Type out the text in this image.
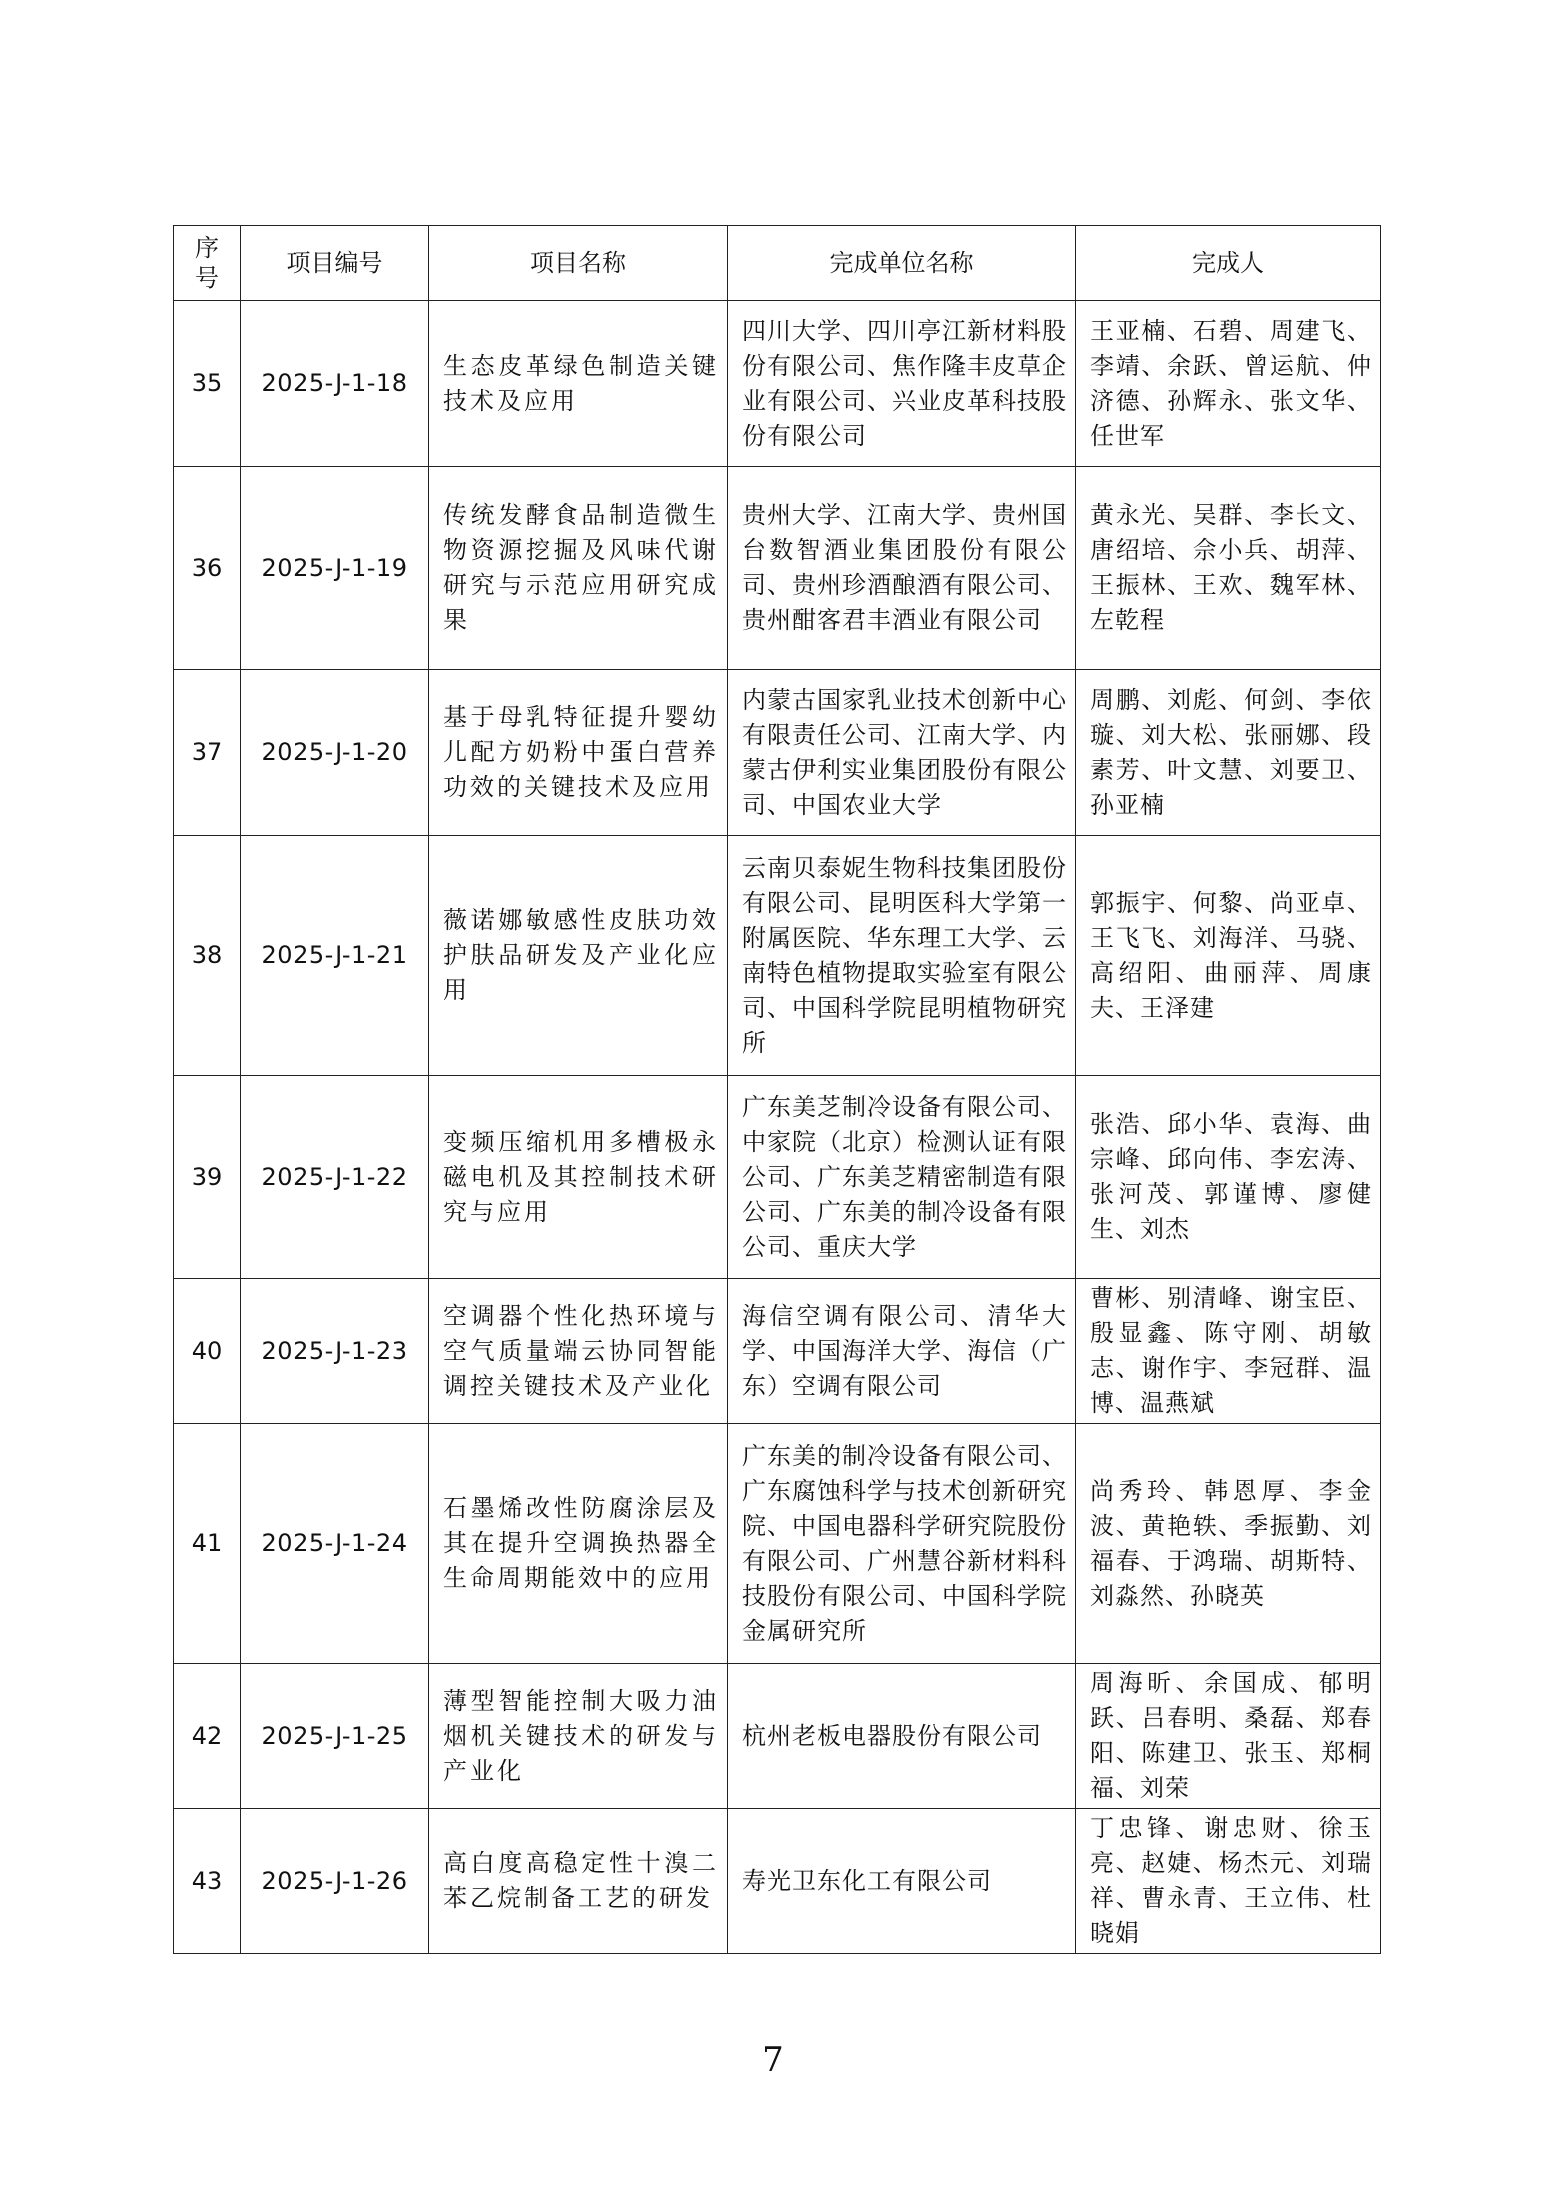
序号	项目编号	项目名称	完成单位名称	完成人
35	2025-J-1-18	生态皮革绿色制造关键技术及应用	四川大学、四川亭江新材料股份有限公司、焦作隆丰皮草企业有限公司、兴业皮革科技股份有限公司	王亚楠、石碧、周建飞、李靖、余跃、曾运航、仲济德、孙辉永、张文华、任世军
36	2025-J-1-19	传统发酵食品制造微生物资源挖掘及风味代谢研究与示范应用研究成果	贵州大学、江南大学、贵州国台数智酒业集团股份有限公司、贵州珍酒酿酒有限公司、贵州酣客君丰酒业有限公司	黄永光、吴群、李长文、唐绍培、佘小兵、胡萍、王振林、王欢、魏军林、左乾程
37	2025-J-1-20	基于母乳特征提升婴幼儿配方奶粉中蛋白营养功效的关键技术及应用	内蒙古国家乳业技术创新中心有限责任公司、江南大学、内蒙古伊利实业集团股份有限公司、中国农业大学	周鹏、刘彪、何剑、李依璇、刘大松、张丽娜、段素芳、叶文慧、刘要卫、孙亚楠
38	2025-J-1-21	薇诺娜敏感性皮肤功效护肤品研发及产业化应用	云南贝泰妮生物科技集团股份有限公司、昆明医科大学第一附属医院、华东理工大学、云南特色植物提取实验室有限公司、中国科学院昆明植物研究所	郭振宇、何黎、尚亚卓、王飞飞、刘海洋、马骁、高绍阳、曲丽萍、周康夫、王泽建
39	2025-J-1-22	变频压缩机用多槽极永磁电机及其控制技术研究与应用	广东美芝制冷设备有限公司、中家院（北京）检测认证有限公司、广东美芝精密制造有限公司、广东美的制冷设备有限公司、重庆大学	张浩、邱小华、袁海、曲宗峰、邱向伟、李宏涛、张河茂、郭谨博、廖健生、刘杰
40	2025-J-1-23	空调器个性化热环境与空气质量端云协同智能调控关键技术及产业化	海信空调有限公司、清华大学、中国海洋大学、海信（广东）空调有限公司	曹彬、别清峰、谢宝臣、殷显鑫、陈守刚、胡敏志、谢作宇、李冠群、温博、温燕斌
41	2025-J-1-24	石墨烯改性防腐涂层及其在提升空调换热器全生命周期能效中的应用	广东美的制冷设备有限公司、广东腐蚀科学与技术创新研究院、中国电器科学研究院股份有限公司、广州慧谷新材料科技股份有限公司、中国科学院金属研究所	尚秀玲、韩恩厚、李金波、黄艳轶、季振勤、刘福春、于鸿瑞、胡斯特、刘淼然、孙晓英
42	2025-J-1-25	薄型智能控制大吸力油烟机关键技术的研发与产业化	杭州老板电器股份有限公司	周海昕、余国成、郁明跃、吕春明、桑磊、郑春阳、陈建卫、张玉、郑桐福、刘荣
43	2025-J-1-26	高白度高稳定性十溴二苯乙烷制备工艺的研发	寿光卫东化工有限公司	丁忠锋、谢忠财、徐玉亮、赵婕、杨杰元、刘瑞祥、曹永青、王立伟、杜晓娟
7
